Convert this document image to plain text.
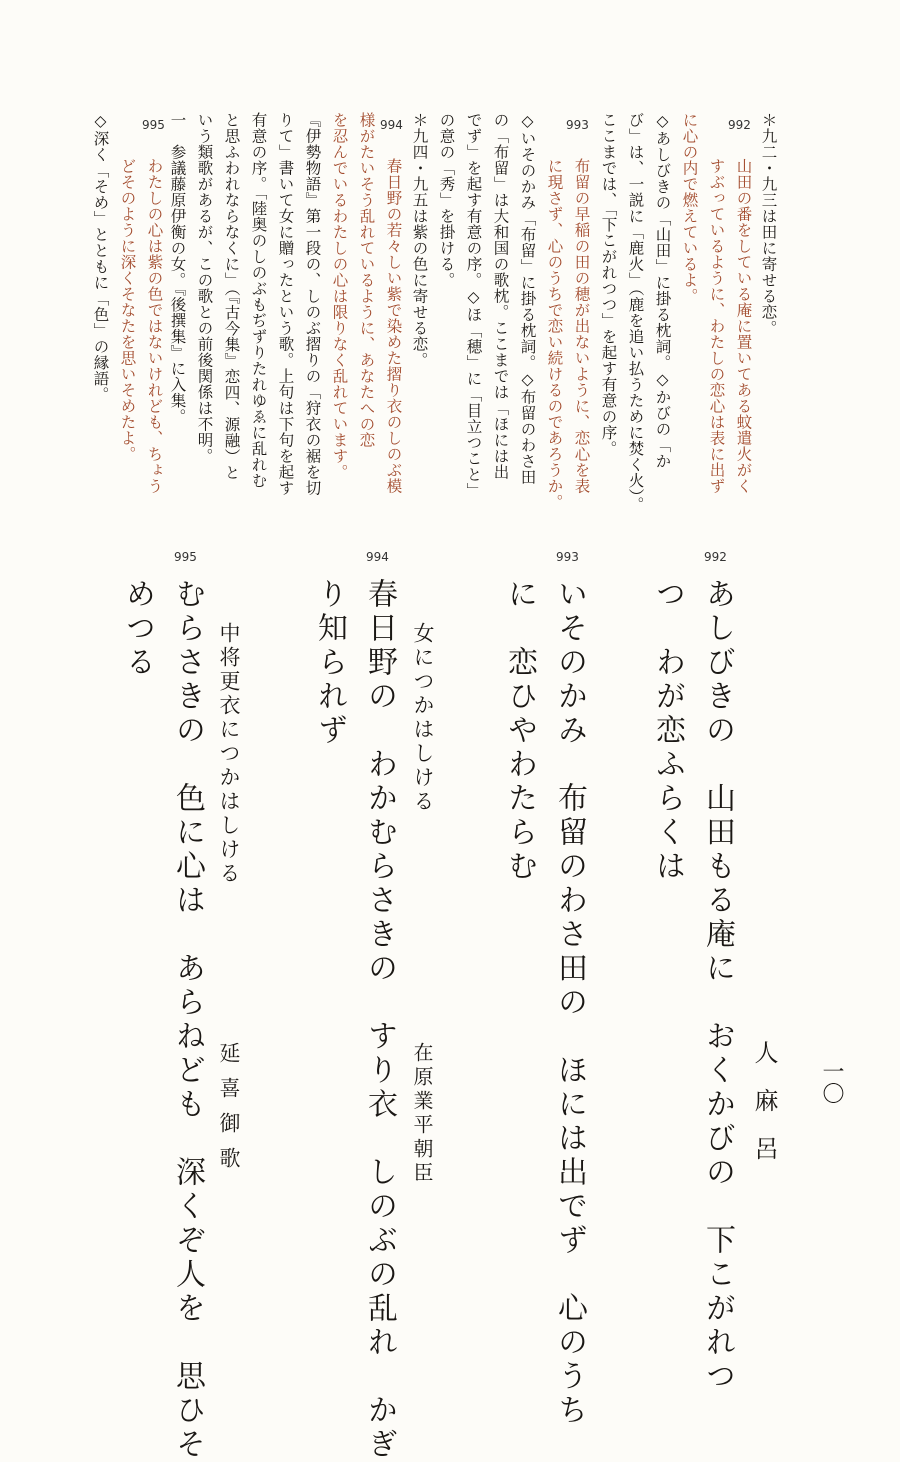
＊九二・九三は田に寄せる恋。
992
山田の番をしている庵に置いてある蚊遣火がく
すぶっているように、わたしの恋心は表に出ず
に心の内で燃えているよ。
◇あしびきの「山田」に掛る枕詞。◇かびの「か
び」は、一説に「鹿火」（鹿を追い払うために焚く火）。
ここまでは、「下こがれつつ」を起す有意の序。
993
布留の早稲の田の穂が出ないように、恋心を表
に現さず、心のうちで恋い続けるのであろうか。
◇いそのかみ「布留」に掛る枕詞。◇布留のわさ田
の「布留」は大和国の歌枕。ここまでは「ほには出
でず」を起す有意の序。◇ほ「穂」に「目立つこと」
の意の「秀」を掛ける。
＊九四・九五は紫の色に寄せる恋。
994
春日野の若々しい紫で染めた摺り衣のしのぶ模
様がたいそう乱れているように、あなたへの恋
を忍んでいるわたしの心は限りなく乱れています。
『伊勢物語』第一段の、しのぶ摺りの「狩衣の裾を切
りて」書いて女に贈ったという歌。上句は下句を起す
有意の序。「陸奥のしのぶもぢずりたれゆゑに乱れむ
と思ふわれならなくに」（『古今集』恋四、源融）と
いう類歌があるが、この歌との前後関係は不明。
一　参議藤原伊衡の女。『後撰集』に入集。
995
わたしの心は紫の色ではないけれども、ちょう
どそのように深くそなたを思いそめたよ。
◇深く「そめ」とともに「色」の縁語。
一〇
992
人麻呂
あしびきの　山田もる庵に　おくかびの　下こがれつ
つ　わが恋ふらくは
993
いそのかみ　布留のわさ田の　ほには出でず　心のうち
に　恋ひやわたらむ
女につかはしける
在原業平朝臣
994
春日野の　わかむらさきの　すり衣　しのぶの乱れ　かぎ
り知られず
中将更衣につかはしける
延喜御歌
995
むらさきの　色に心は　あらねども　深くぞ人を　思ひそ
めつる
